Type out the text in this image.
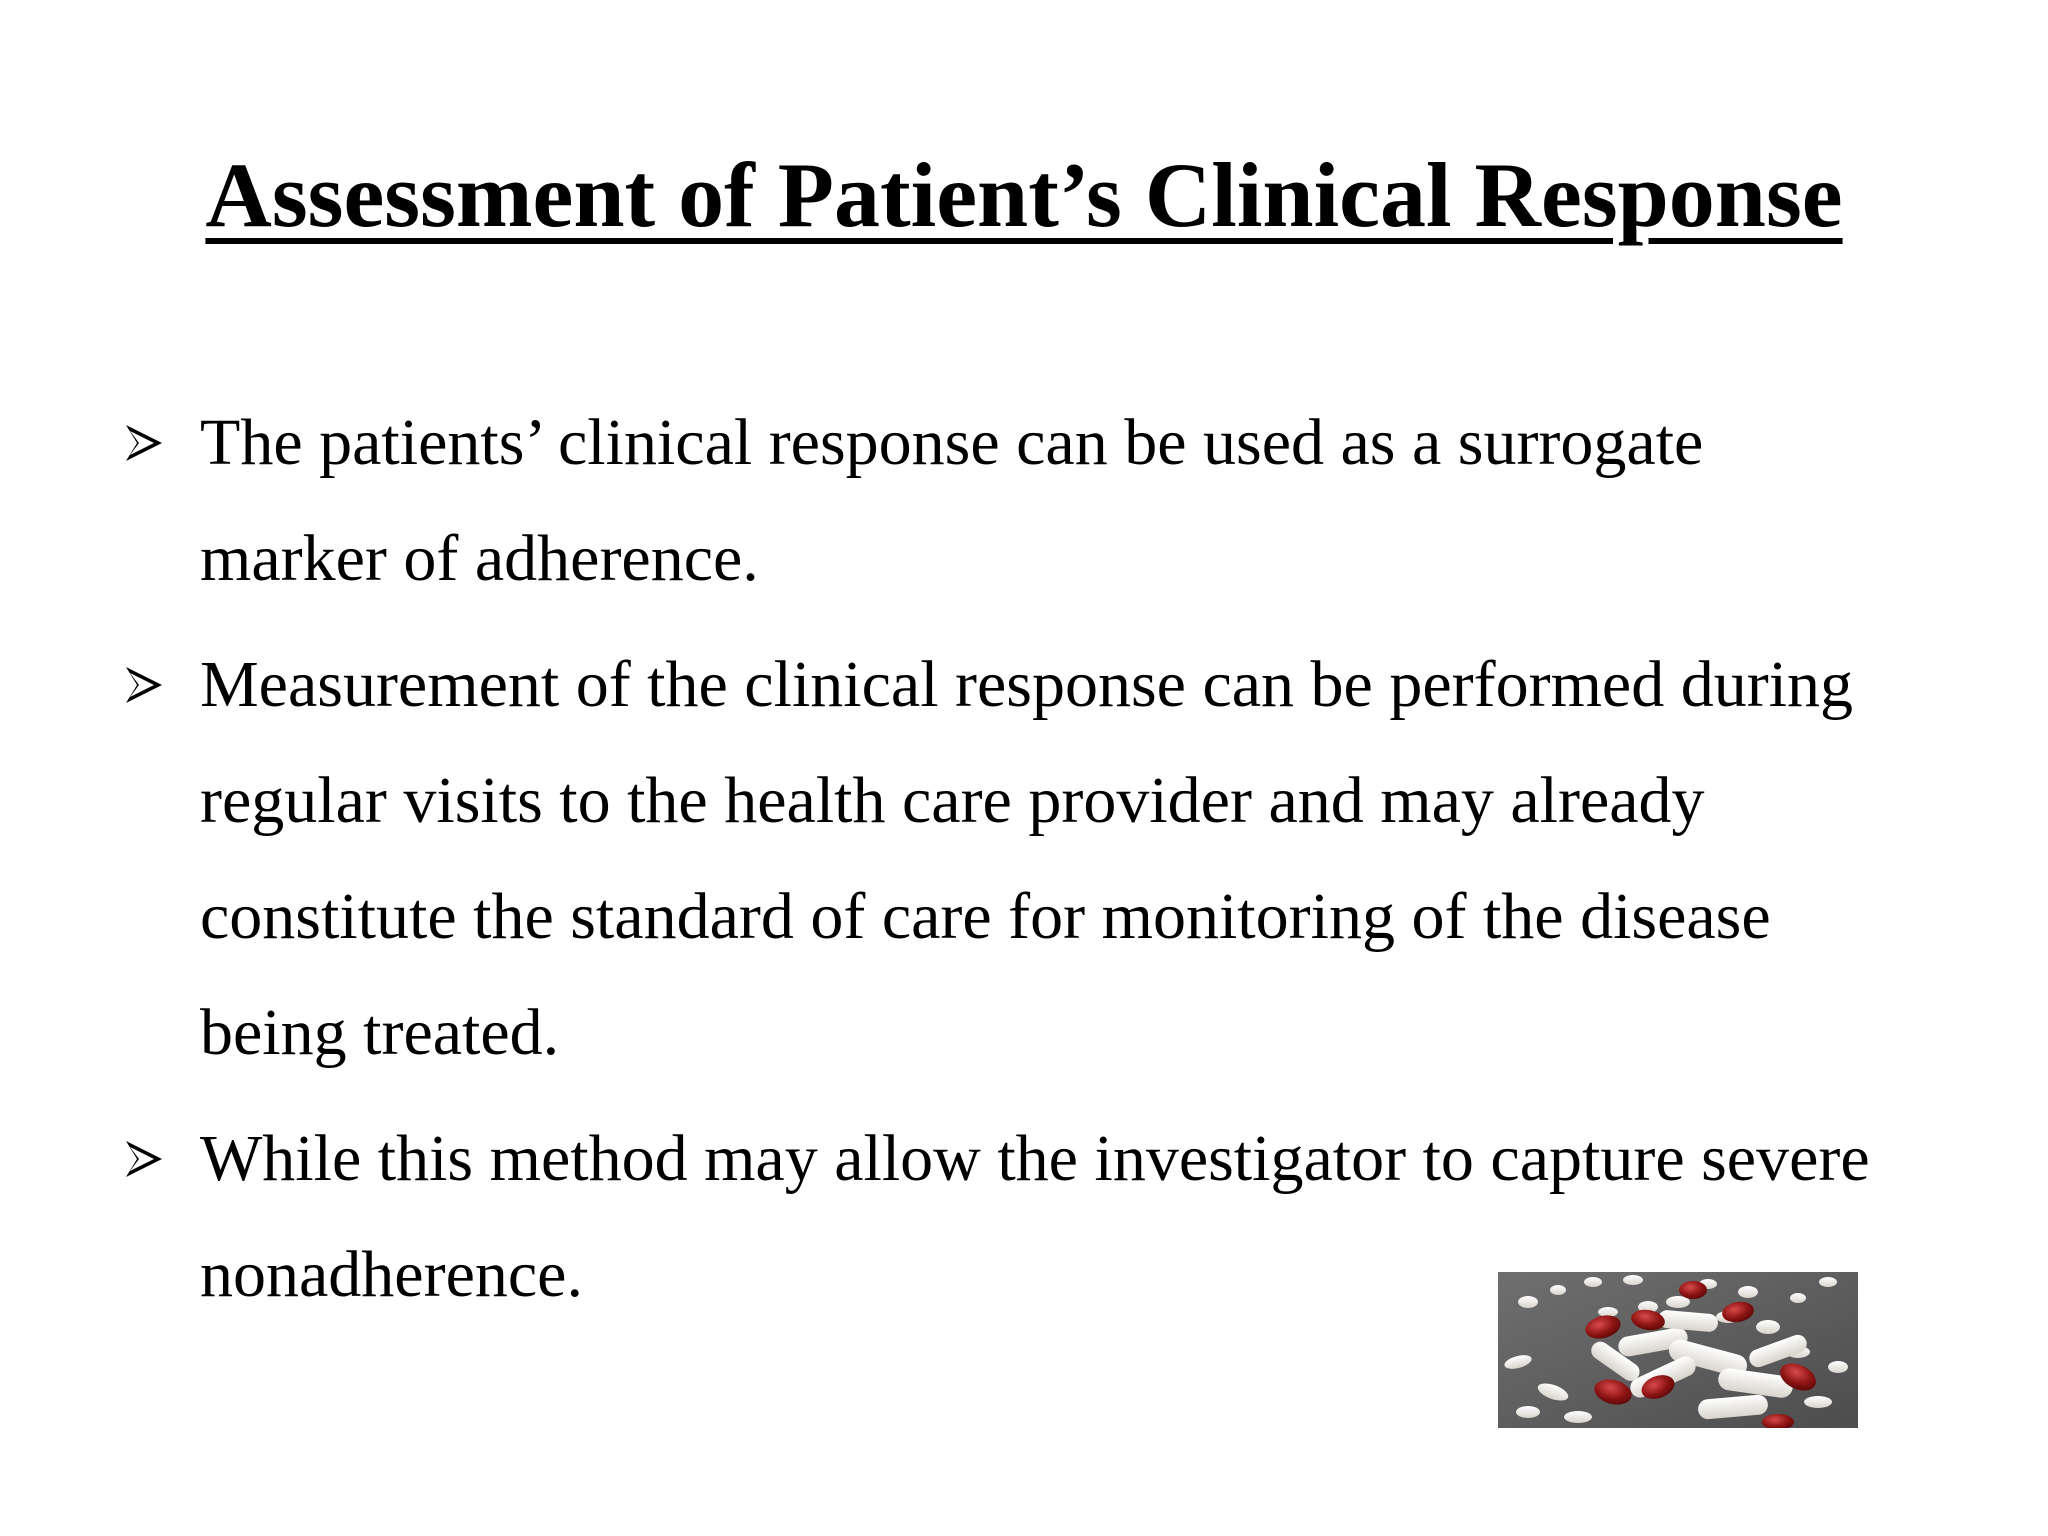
Assessment of Patient’s Clinical Response
The patients’ clinical response can be used as a surrogate
marker of adherence.
Measurement of the clinical response can be performed during
regular visits to the health care provider and may already
constitute the standard of care for monitoring of the disease
being treated.
While this method may allow the investigator to capture severe
nonadherence.
